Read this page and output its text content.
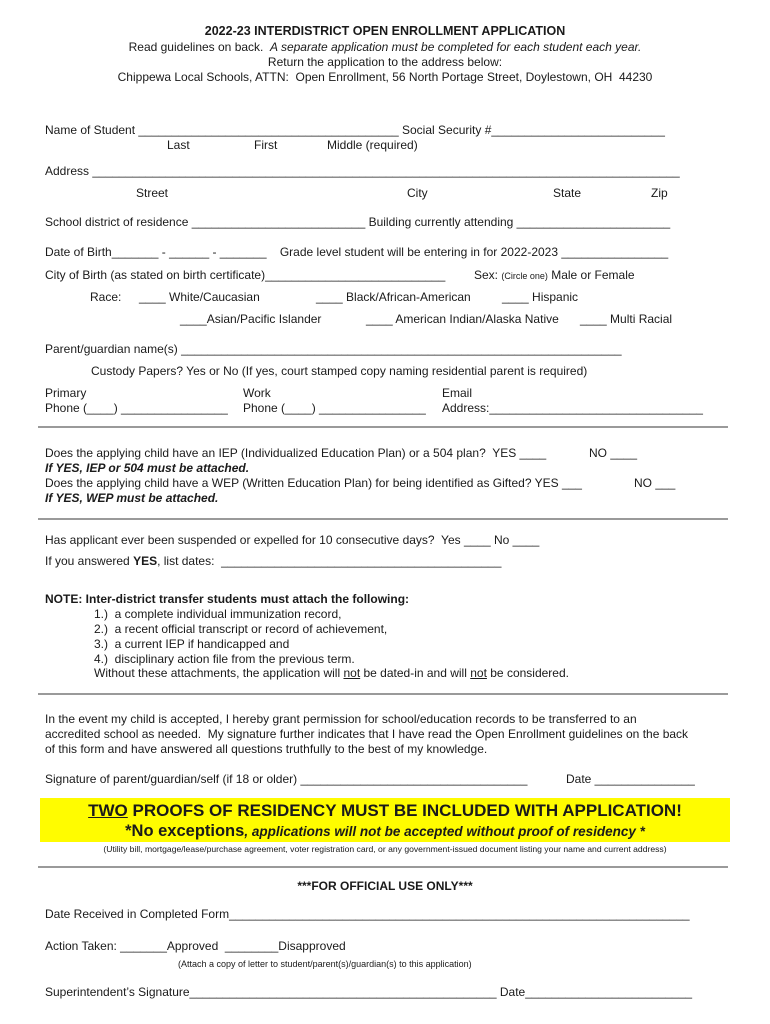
2022-23 INTERDISTRICT OPEN ENROLLMENT APPLICATION
Read guidelines on back.  A separate application must be completed for each student each year.
Return the application to the address below:
Chippewa Local Schools, ATTN:  Open Enrollment, 56 North Portage Street, Doylestown, OH  44230
Name of Student _______________________________________ Social Security #__________________________
Last	First	Middle (required)
Address ________________________________________________________________________________________
Street	City	State	Zip
School district of residence __________________________ Building currently attending _______________________
Date of Birth_______ - ______ - _______    Grade level student will be entering in for 2022-2023 ________________
City of Birth (as stated on birth certificate)___________________________ Sex: (Circle one) Male or Female
Race: ____ White/Caucasian	____ Black/African-American	____ Hispanic
____Asian/Pacific Islander	____ American Indian/Alaska Native ____ Multi Racial
Parent/guardian name(s) __________________________________________________________________
Custody Papers? Yes or No (If yes, court stamped copy naming residential parent is required)
Primary
Phone (____) ________________
Work
Phone (____) ________________
Email
Address:________________________________
Does the applying child have an IEP (Individualized Education Plan) or a 504 plan?  YES ____	NO ____
If YES, IEP or 504 must be attached.
Does the applying child have a WEP (Written Education Plan) for being identified as Gifted? YES ___	NO ___
If YES, WEP must be attached.
Has applicant ever been suspended or expelled for 10 consecutive days?  Yes ____ No ____
If you answered YES, list dates:  __________________________________________
NOTE: Inter-district transfer students must attach the following:
1.)  a complete individual immunization record,
2.)  a recent official transcript or record of achievement,
3.)  a current IEP if handicapped and
4.)  disciplinary action file from the previous term.
Without these attachments, the application will not be dated-in and will not be considered.
In the event my child is accepted, I hereby grant permission for school/education records to be transferred to an
accredited school as needed.  My signature further indicates that I have read the Open Enrollment guidelines on the back
of this form and have answered all questions truthfully to the best of my knowledge.
Signature of parent/guardian/self (if 18 or older) __________________________________	Date _______________
TWO PROOFS OF RESIDENCY MUST BE INCLUDED WITH APPLICATION!
*No exceptions, applications will not be accepted without proof of residency *
(Utility bill, mortgage/lease/purchase agreement, voter registration card, or any government-issued document listing your name and current address)
***FOR OFFICIAL USE ONLY***
Date Received in Completed Form_____________________________________________________________________
Action Taken: _______Approved  ________Disapproved
(Attach a copy of letter to student/parent(s)/guardian(s) to this application)
Superintendent’s Signature______________________________________________ Date_________________________
